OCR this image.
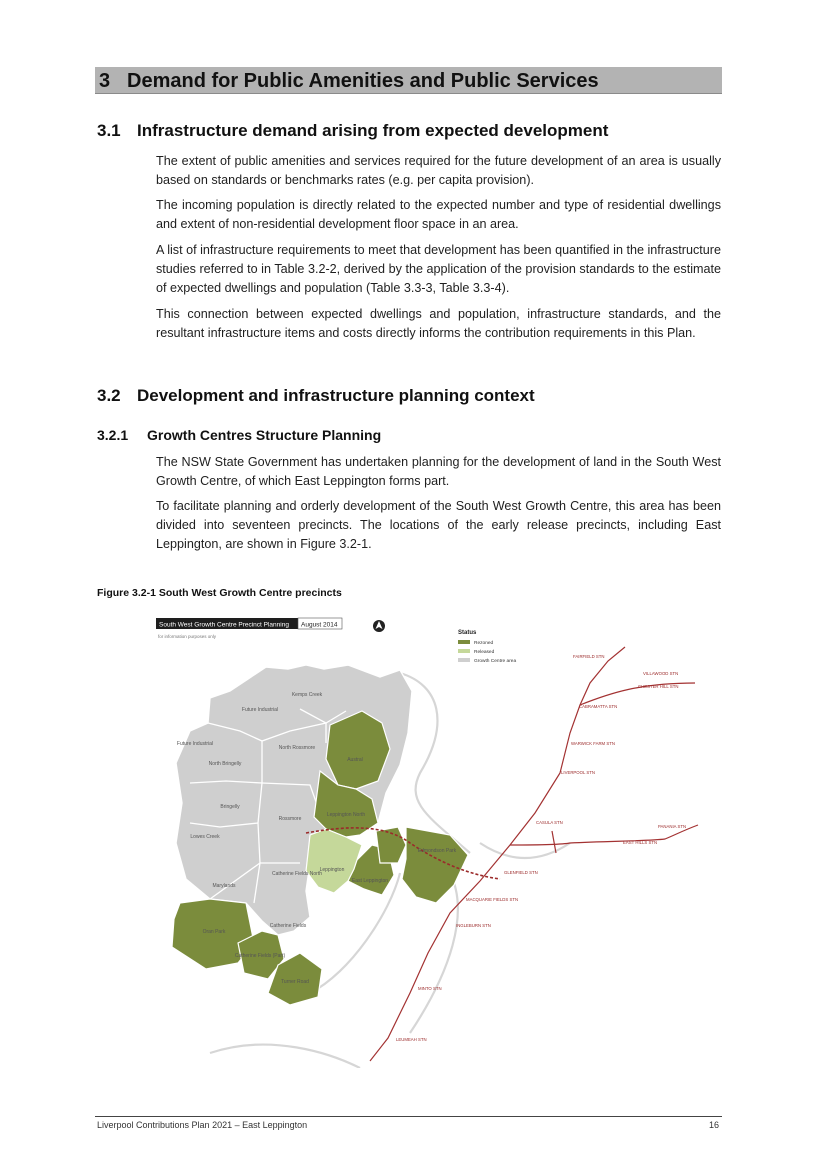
3 Demand for Public Amenities and Public Services
3.1 Infrastructure demand arising from expected development

The extent of public amenities and services required for the future development of an area is usually based on standards or benchmarks rates (e.g. per capita provision).

The incoming population is directly related to the expected number and type of residential dwellings and extent of non-residential development floor space in an area.

A list of infrastructure requirements to meet that development has been quantified in the infrastructure studies referred to in Table 3.2-2, derived by the application of the provision standards to the estimate of expected dwellings and population (Table 3.3-3, Table 3.3-4).

This connection between expected dwellings and population, infrastructure standards, and the resultant infrastructure items and costs directly informs the contribution requirements in this Plan.

3.2 Development and infrastructure planning context
3.2.1 Growth Centres Structure Planning

The NSW State Government has undertaken planning for the development of land in the South West Growth Centre, of which East Leppington forms part.

To facilitate planning and orderly development of the South West Growth Centre, this area has been divided into seventeen precincts. The locations of the early release precincts, including East Leppington, are shown in Figure 3.2-1.

Figure 3.2-1 South West Growth Centre precincts
South West Growth Centre Precinct Planning August 2014
for information purposes only
Status
Rezoned
Released
Growth Centre area
Kemps Creek
Future Industrial
Future Industrial
North Rossmore
Austral
North Bringelly
Bringelly
Rossmore
Leppington North
Lowes Creek
Edmondson Park
East Leppington
Leppington
Catherine Fields North
Marylands
Oran Park
Catherine Fields
Catherine Fields (Part)
Turner Road
FAIRFIELD STN
VILLAWOOD STN
CHESTER HILL STN
CABRAMATTA STN
WARWICK FARM STN
LIVERPOOL STN
CASULA STN
PANANIA STN
EAST HILLS STN
GLENFIELD STN
MACQUARIE FIELDS STN
INGLEBURN STN
MINTO STN
LEUMEAH STN
Liverpool Contributions Plan 2021 – East Leppington	16
